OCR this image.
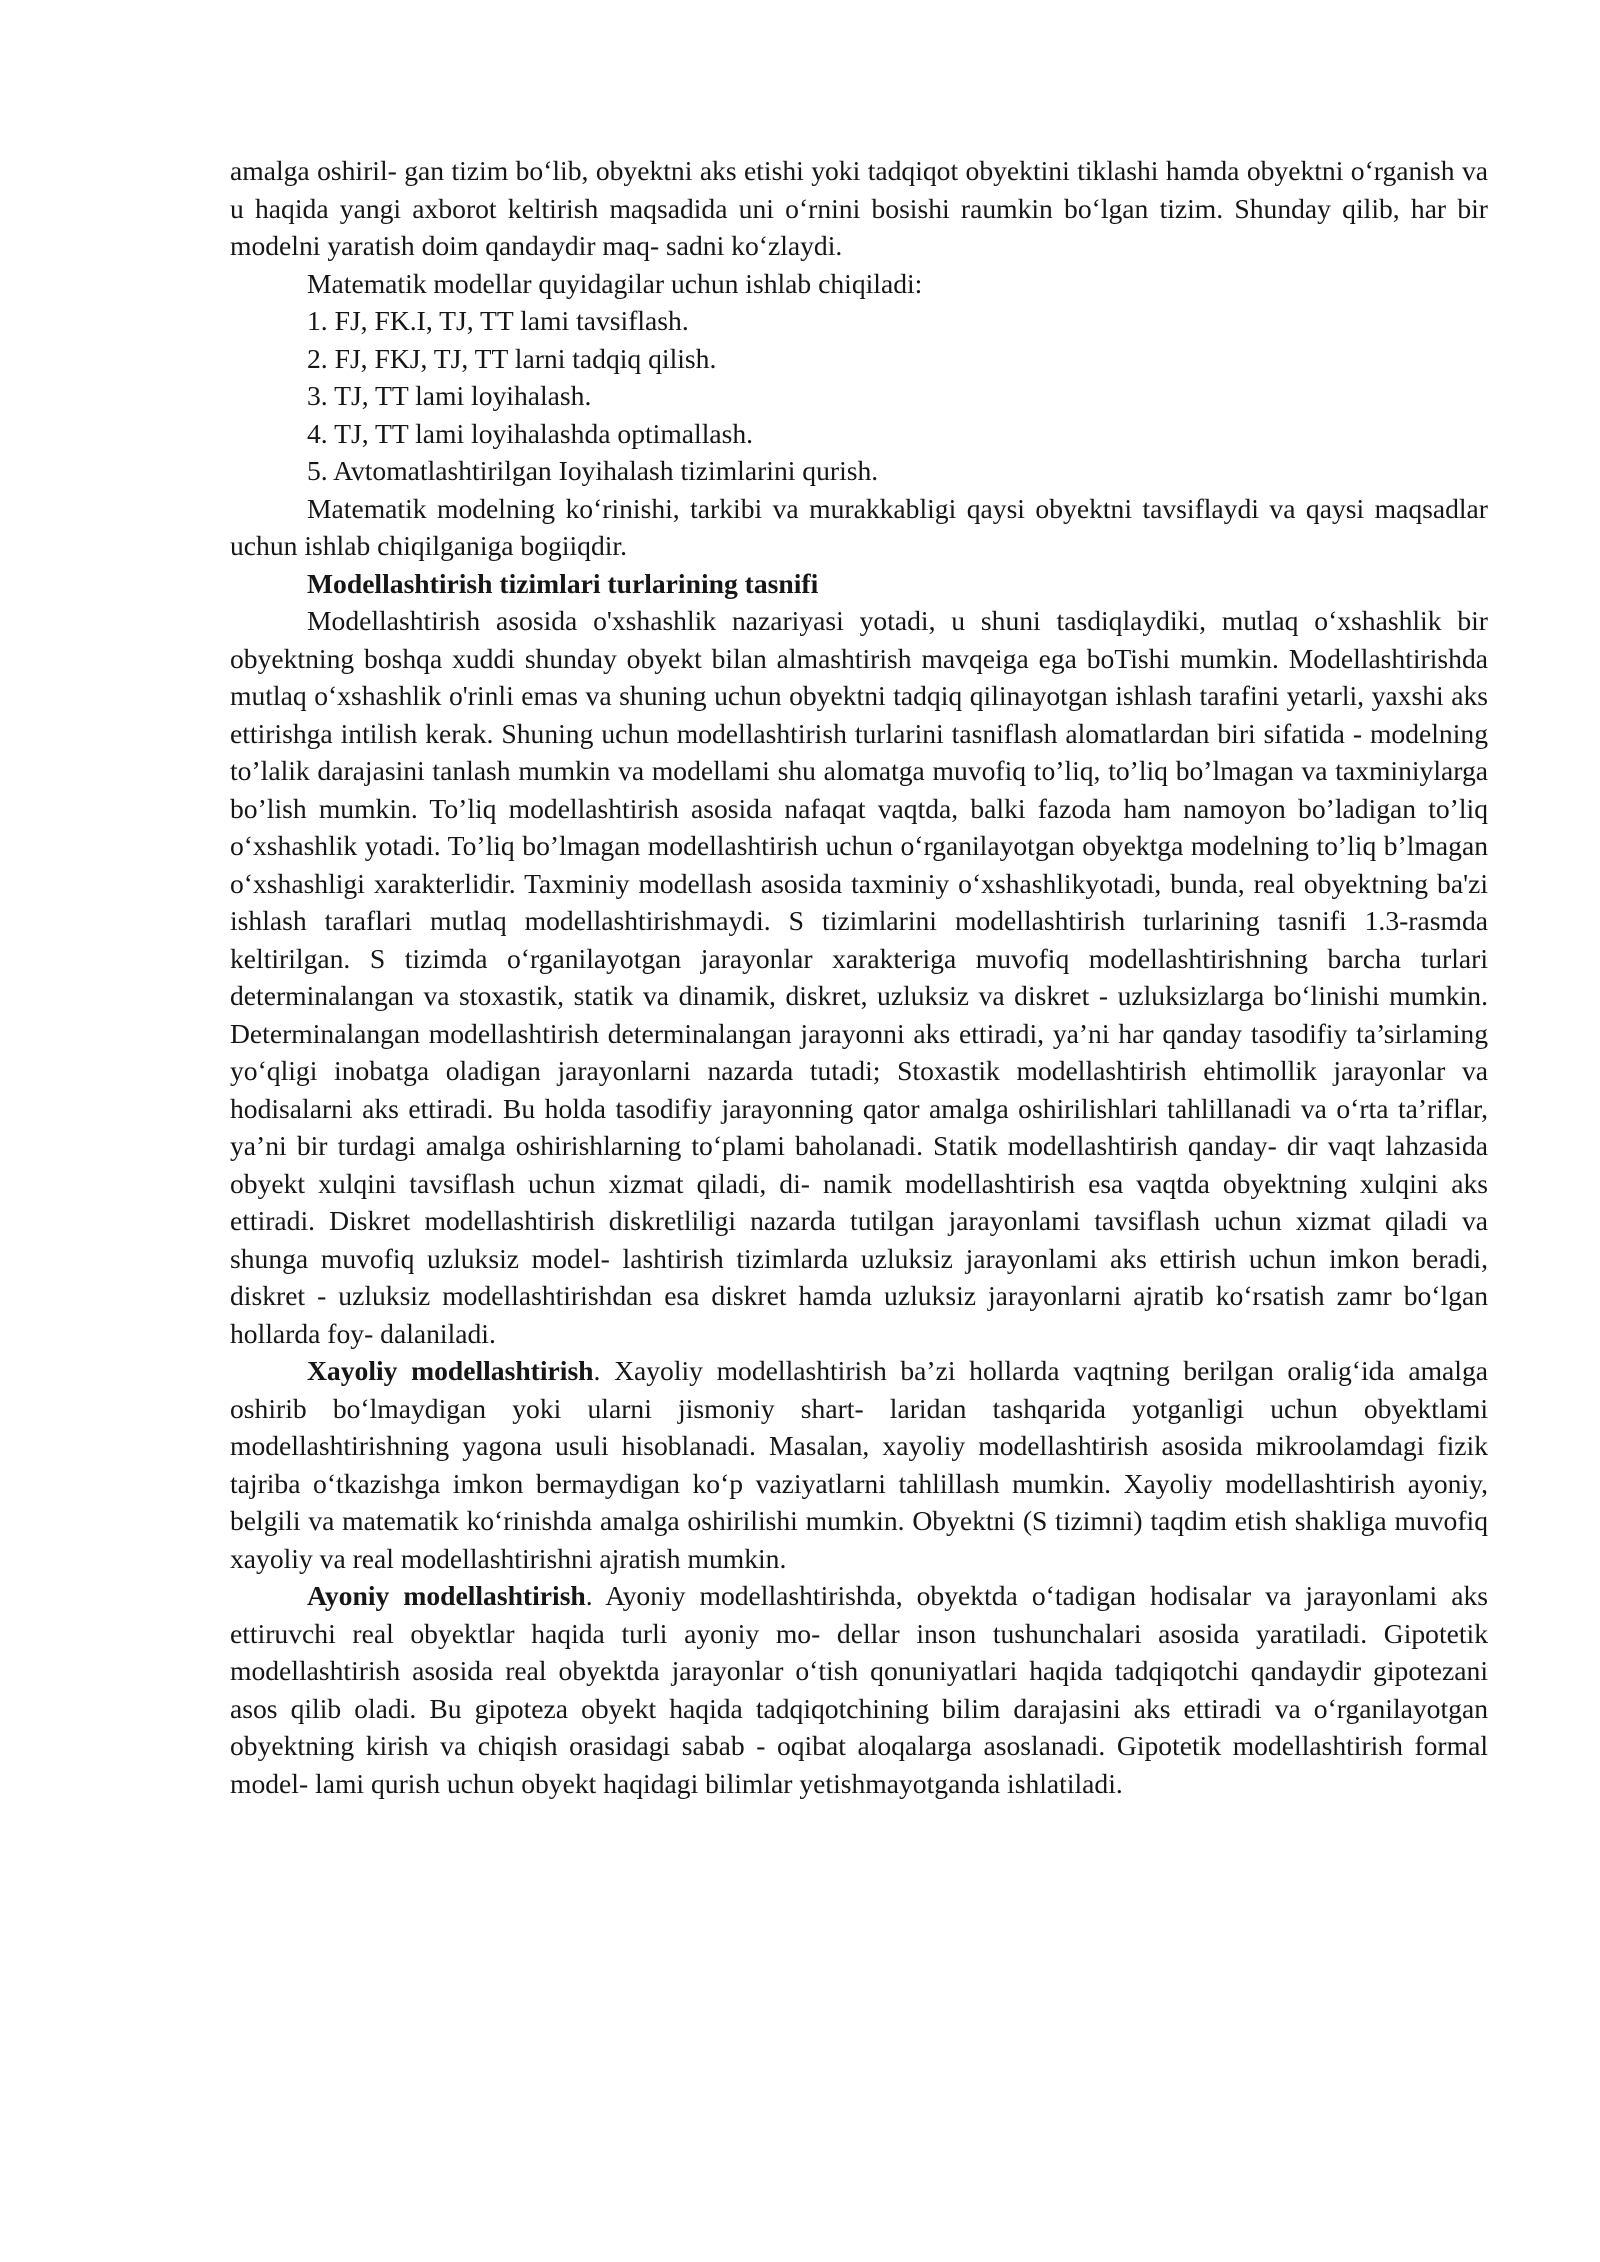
amalga oshiril- gan tizim boʻlib, obyektni aks etishi yoki tadqiqot obyektini tiklashi hamda obyektni oʻrganish va u haqida yangi axborot keltirish maqsadida uni oʻrnini bosishi raumkin boʻlgan tizim. Shunday qilib, har bir modelni yaratish doim qandaydir maq- sadni koʻzlaydi.

Matematik modellar quyidagilar uchun ishlab chiqiladi:

1. FJ, FK.I, TJ, TT lami tavsiflash.

2. FJ, FKJ, TJ, TT larni tadqiq qilish.

3. TJ, TT lami loyihalash.

4. TJ, TT lami loyihalashda optimallash.

5. Avtomatlashtirilgan Ioyihalash tizimlarini qurish.

Matematik modelning koʻrinishi, tarkibi va murakkabligi qaysi obyektni tavsiflaydi va qaysi maqsadlar uchun ishlab chiqilganiga bogiiqdir.

Modellashtirish tizimlari turlarining tasnifi

Modellashtirish asosida o'xshashlik nazariyasi yotadi, u shuni tasdiqlaydiki, mutlaq oʻxshashlik bir obyektning boshqa xuddi shunday obyekt bilan almashtirish mavqeiga ega boTishi mumkin. Modellashtirishda mutlaq oʻxshashlik o'rinli emas va shuning uchun obyektni tadqiq qilinayotgan ishlash tarafini yetarli, yaxshi aks ettirishga intilish kerak. Shuning uchun modellashtirish turlarini tasniflash alomatlardan biri sifatida - modelning to’lalik darajasini tanlash mumkin va modellami shu alomatga muvofiq to’liq, to’liq bo’lmagan va taxminiylarga bo’lish mumkin. To’liq modellashtirish asosida nafaqat vaqtda, balki fazoda ham namoyon bo’ladigan to’liq oʻxshashlik yotadi. To’liq bo’lmagan modellashtirish uchun oʻrganilayotgan obyektga modelning to’liq b’lmagan oʻxshashligi xarakterlidir. Taxminiy modellash asosida taxminiy oʻxshashlikyotadi, bunda, real obyektning ba'zi ishlash taraflari mutlaq modellashtirishmaydi. S tizimlarini modellashtirish turlarining tasnifi 1.3-rasmda keltirilgan. S tizimda oʻrganilayotgan jarayonlar xarakteriga muvofiq modellashtirishning barcha turlari determinalangan va stoxastik, statik va dinamik, diskret, uzluksiz va diskret - uzluksizlarga boʻlinishi mumkin. Determinalangan modellashtirish determinalangan jarayonni aks ettiradi, ya’ni har qanday tasodifiy ta’sirlaming yoʻqligi inobatga oladigan jarayonlarni nazarda tutadi; Stoxastik modellashtirish ehtimollik jarayonlar va hodisalarni aks ettiradi. Bu holda tasodifiy jarayonning qator amalga oshirilishlari tahlillanadi va oʻrta ta’riflar, ya’ni bir turdagi amalga oshirishlarning toʻplami baholanadi. Statik modellashtirish qanday- dir vaqt lahzasida obyekt xulqini tavsiflash uchun xizmat qiladi, di- namik modellashtirish esa vaqtda obyektning xulqini aks ettiradi. Diskret modellashtirish diskretliligi nazarda tutilgan jarayonlami tavsiflash uchun xizmat qiladi va shunga muvofiq uzluksiz model- lashtirish tizimlarda uzluksiz jarayonlami aks ettirish uchun imkon beradi, diskret - uzluksiz modellashtirishdan esa diskret hamda uzluksiz jarayonlarni ajratib koʻrsatish zamr boʻlgan hollarda foy- dalaniladi.

Xayoliy modellashtirish. Xayoliy modellashtirish ba’zi hollarda vaqtning berilgan oraligʻida amalga oshirib boʻlmaydigan yoki ularni jismoniy shart- laridan tashqarida yotganligi uchun obyektlami modellashtirishning yagona usuli hisoblanadi. Masalan, xayoliy modellashtirish asosida mikroolamdagi fizik tajriba oʻtkazishga imkon bermaydigan koʻp vaziyatlarni tahlillash mumkin. Xayoliy modellashtirish ayoniy, belgili va matematik koʻrinishda amalga oshirilishi mumkin. Obyektni (S tizimni) taqdim etish shakliga muvofiq xayoliy va real modellashtirishni ajratish mumkin.

Ayoniy modellashtirish. Ayoniy modellashtirishda, obyektda oʻtadigan hodisalar va jarayonlami aks ettiruvchi real obyektlar haqida turli ayoniy mo- dellar inson tushunchalari asosida yaratiladi. Gipotetik modellashtirish asosida real obyektda jarayonlar oʻtish qonuniyatlari haqida tadqiqotchi qandaydir gipotezani asos qilib oladi. Bu gipoteza obyekt haqida tadqiqotchining bilim darajasini aks ettiradi va oʻrganilayotgan obyektning kirish va chiqish orasidagi sabab - oqibat aloqalarga asoslanadi. Gipotetik modellashtirish formal model- lami qurish uchun obyekt haqidagi bilimlar yetishmayotganda ishlatiladi.
